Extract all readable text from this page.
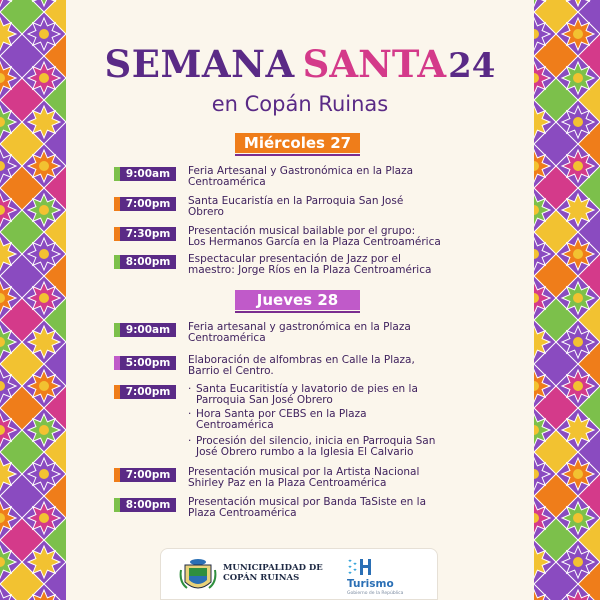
SEMANA SANTA24
en Copán Ruinas
Miércoles 27
9:00am	Feria Artesanal y Gastronómica en la Plaza
Centroamérica
7:00pm	Santa Eucaristía en la Parroquia San José
Obrero
7:30pm	Presentación musical bailable por el grupo:
Los Hermanos García en la Plaza Centroamérica
8:00pm	Espectacular presentación de Jazz por el
maestro: Jorge Ríos en la Plaza Centroamérica
Jueves 28
9:00am	Feria artesanal y gastronómica en la Plaza
Centroamérica
5:00pm	Elaboración de alfombras en Calle la Plaza,
Barrio el Centro.
7:00pm	· Santa Eucaritistía y lavatorio de pies en la
Parroquia San José Obrero
· Hora Santa por CEBS en la Plaza
Centroamérica
· Procesión del silencio, inicia en Parroquia San
José Obrero rumbo a la Iglesia El Calvario
7:00pm	Presentación musical por la Artista Nacional
Shirley Paz en la Plaza Centroamérica
8:00pm	Presentación musical por Banda TaSiste en la
Plaza Centroamérica
MUNICIPALIDAD DE
COPÁN RUINAS	Turismo
Gobierno de la República
